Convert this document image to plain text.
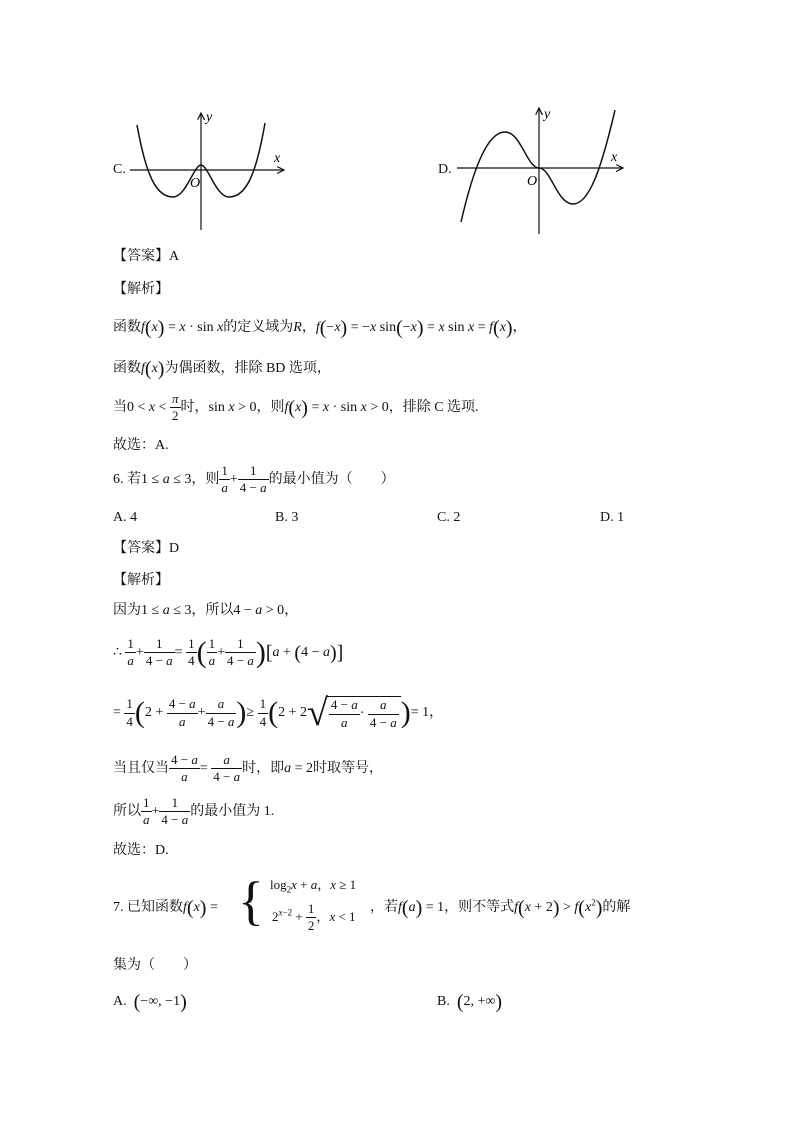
C.
x
y
O
D.
x
y
O
【答案】A
【解析】
函数f(x) = x · sin x的定义域为R，f(−x) = −x sin(−x) = x sin x = f(x)，
函数f(x)为偶函数，排除 BD 选项，
当$0 < x < \frac{\pi}{2}$ 时，sin x > 0，则f(x) = x · sin x > 0，排除 C 选项.
故选：A.
6. 若1 ≤ a ≤ 3，则 $\frac{1}{a} + \frac{1}{4 - a}$ 的最小值为（　　）
A. 4	B. 3	C. 2	D. 1
【答案】D
【解析】
因为1 ≤ a ≤ 3，所以4 − a > 0，
∴ $\frac{1}{a} + \frac{1}{4 - a} = \frac{1}{4}$ ( $\frac{1}{a} + \frac{1}{4 - a} )[a + (4 - a)]$
= $\frac{1}{4} (2 + \frac{4 - a}{a} + \frac{a}{4 - a}$ )≥ $\frac{1}{4} (2 + 2√ \frac{4 - a}{a} \cdot \frac{a}{4 - a}$ )= 1，
当且仅当 $\frac{4 - a}{a} = \frac{a}{4 - a}$ 时，即a = 2时取等号，
所以 $\frac{1}{a} + \frac{1}{4 - a}$ 的最小值为 1.
故选：D.
7. 已知函数f(x) = { $\log_2x + a$，x ≥ 1
$2^{x-2} + \frac{1}{2}$ ，x < 1
，若f(a) = 1，则不等式$f(x + 2) > f(x^2)$的解
集为（　　）
A. (−∞, −1)	B. (2, +∞)
